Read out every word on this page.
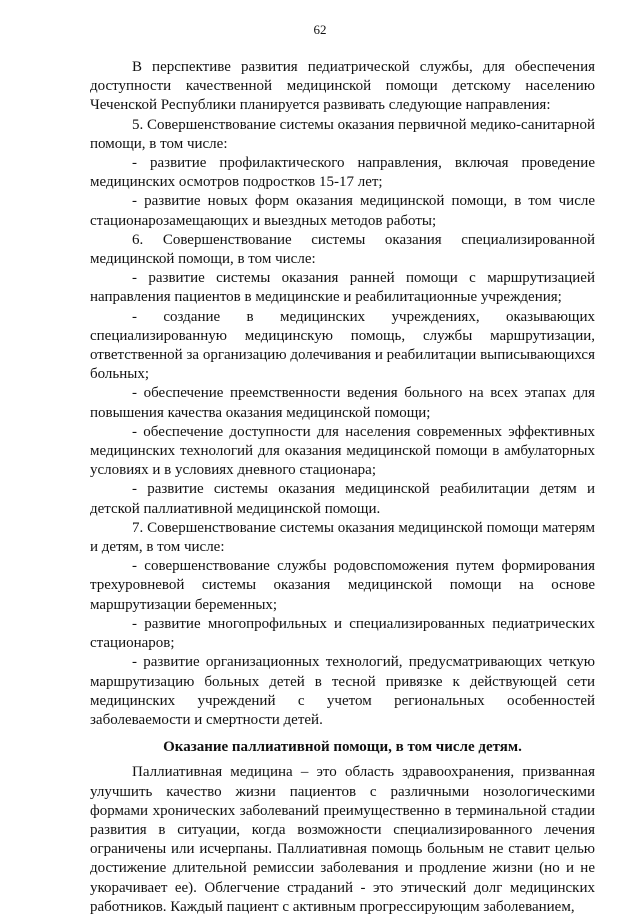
62

В перспективе развития педиатрической службы, для обеспечения доступности качественной медицинской помощи детскому населению Чеченской Республики планируется развивать следующие направления:

5. Совершенствование системы оказания первичной медико-санитарной помощи, в том числе:

- развитие профилактического направления, включая проведение медицинских осмотров подростков 15-17 лет;

- развитие новых форм оказания медицинской помощи, в том числе стационарозамещающих и выездных методов работы;

6. Совершенствование системы оказания специализированной медицинской помощи, в том числе:

- развитие системы оказания ранней помощи с маршрутизацией направления пациентов в медицинские и реабилитационные учреждения;

- создание в медицинских учреждениях, оказывающих специализированную медицинскую помощь, службы маршрутизации, ответственной за организацию долечивания и реабилитации выписывающихся больных;

- обеспечение преемственности ведения больного на всех этапах для повышения качества оказания медицинской помощи;

- обеспечение доступности для населения современных эффективных медицинских технологий для оказания медицинской помощи в амбулаторных условиях и в условиях дневного стационара;

- развитие системы оказания медицинской реабилитации детям и детской паллиативной медицинской помощи.

7. Совершенствование системы оказания медицинской помощи матерям и детям, в том числе:

- совершенствование службы родовспоможения путем формирования трехуровневой системы оказания медицинской помощи на основе маршрутизации беременных;

- развитие многопрофильных и специализированных педиатрических стационаров;

- развитие организационных технологий, предусматривающих четкую маршрутизацию больных детей в тесной привязке к действующей сети медицинских учреждений с учетом региональных особенностей заболеваемости и смертности детей.

Оказание паллиативной помощи, в том числе детям.

Паллиативная медицина – это область здравоохранения, призванная улучшить качество жизни пациентов с различными нозологическими формами хронических заболеваний преимущественно в терминальной стадии развития в ситуации, когда возможности специализированного лечения ограничены или исчерпаны. Паллиативная помощь больным не ставит целью достижение длительной ремиссии заболевания и продление жизни (но и не укорачивает ее). Облегчение страданий - это этический долг медицинских работников. Каждый пациент с активным прогрессирующим заболеванием,
